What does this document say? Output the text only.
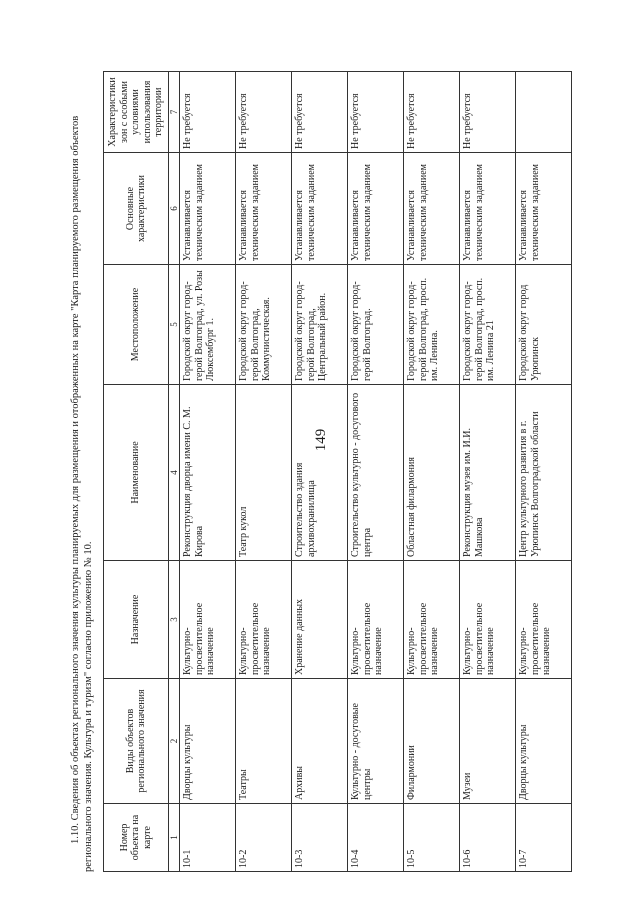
149
1.10. Сведения об объектах регионального значения культуры планируемых для размещения и отображенных на карте "Карта планируемого размещения объектов регионального значения. Культура и туризм" согласно приложению № 10.	Номер объекта на карте	Виды объектов регионального значения	Назначение	Наименование	Местоположение	Основные характеристики	Характеристики зон с особыми условиями использования территории
1	2	3	4	5	6	7
10-1	Дворцы культуры	Культурно-просветительное назначение	Реконструкция дворца имени С. М. Кирова	Городской округ город-герой Волгоград, ул. Розы Люксембург 1.	Устанавливается техническим заданием	Не требуется
10-2	Театры	Культурно-просветительное назначение	Театр кукол	Городской округ город-герой Волгоград, Коммунистическая.	Устанавливается техническим заданием	Не требуется
10-3	Архивы	Хранение данных	Строительство здания архивохранилища	Городской округ город-герой Волгоград, Центральный район.	Устанавливается техническим заданием	Не требуется
10-4	Культурно - досуговые центры	Культурно-просветительное назначение	Строительство культурно - досугового центра	Городской округ город-герой Волгоград.	Устанавливается техническим заданием	Не требуется
10-5	Филармонии	Культурно-просветительное назначение	Областная филармония	Городской округ город-герой Волгоград, просп. им. Ленина.	Устанавливается техническим заданием	Не требуется
10-6	Музеи	Культурно-просветительное назначение	Реконструкция музея им. И.И. Машкова	Городской округ город-герой Волгоград, просп. им. Ленина 21	Устанавливается техническим заданием	Не требуется
10-7	Дворцы культуры	Культурно-просветительное назначение	Центр культурного развития в г. Урюпинск Волгоградской области	Городской округ город Урюпинск	Устанавливается техническим заданием	
